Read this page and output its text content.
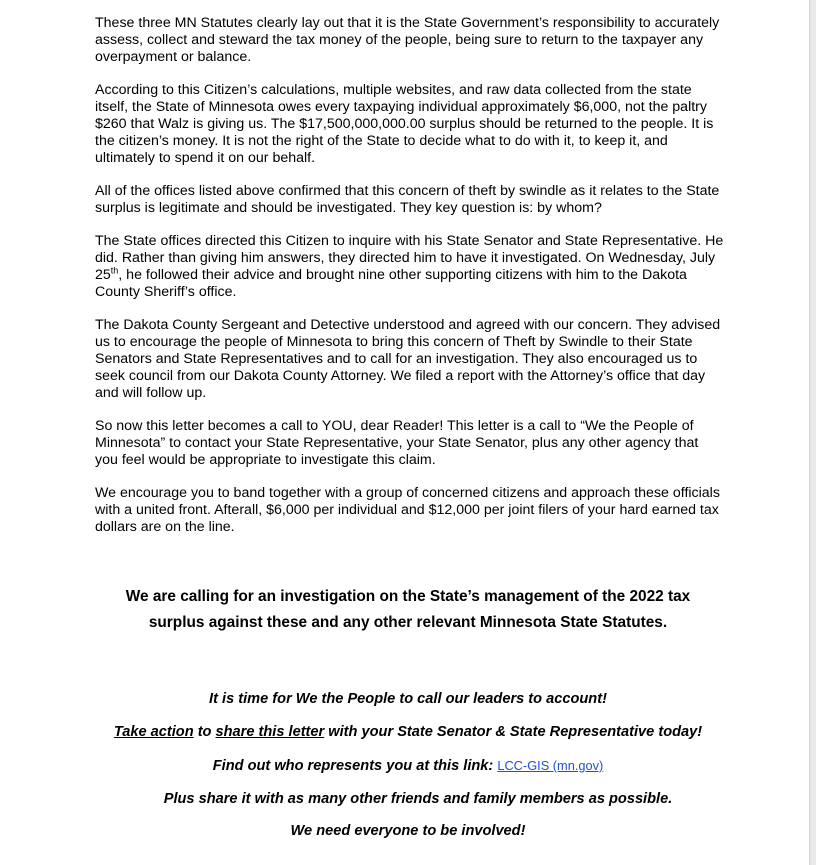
These three MN Statutes clearly lay out that it is the State Government’s responsibility to accurately assess, collect and steward the tax money of the people, being sure to return to the taxpayer any overpayment or balance.

According to this Citizen’s calculations, multiple websites, and raw data collected from the state itself, the State of Minnesota owes every taxpaying individual approximately $6,000, not the paltry $260 that Walz is giving us. The $17,500,000,000.00 surplus should be returned to the people. It is the citizen’s money. It is not the right of the State to decide what to do with it, to keep it, and ultimately to spend it on our behalf.

All of the offices listed above confirmed that this concern of theft by swindle as it relates to the State surplus is legitimate and should be investigated. They key question is: by whom?

The State offices directed this Citizen to inquire with his State Senator and State Representative. He did. Rather than giving him answers, they directed him to have it investigated. On Wednesday, July 25th, he followed their advice and brought nine other supporting citizens with him to the Dakota County Sheriff’s office.

The Dakota County Sergeant and Detective understood and agreed with our concern. They advised us to encourage the people of Minnesota to bring this concern of Theft by Swindle to their State Senators and State Representatives and to call for an investigation. They also encouraged us to seek council from our Dakota County Attorney. We filed a report with the Attorney’s office that day and will follow up.

So now this letter becomes a call to YOU, dear Reader! This letter is a call to “We the People of Minnesota” to contact your State Representative, your State Senator, plus any other agency that you feel would be appropriate to investigate this claim.

We encourage you to band together with a group of concerned citizens and approach these officials with a united front. Afterall, $6,000 per individual and $12,000 per joint filers of your hard earned tax dollars are on the line.

We are calling for an investigation on the State’s management of the 2022 tax
surplus against these and any other relevant Minnesota State Statutes.
It is time for We the People to call our leaders to account!
Take action to share this letter with your State Senator & State Representative today!
Find out who represents you at this link: LCC-GIS (mn.gov)
Plus share it with as many other friends and family members as possible.
We need everyone to be involved!
